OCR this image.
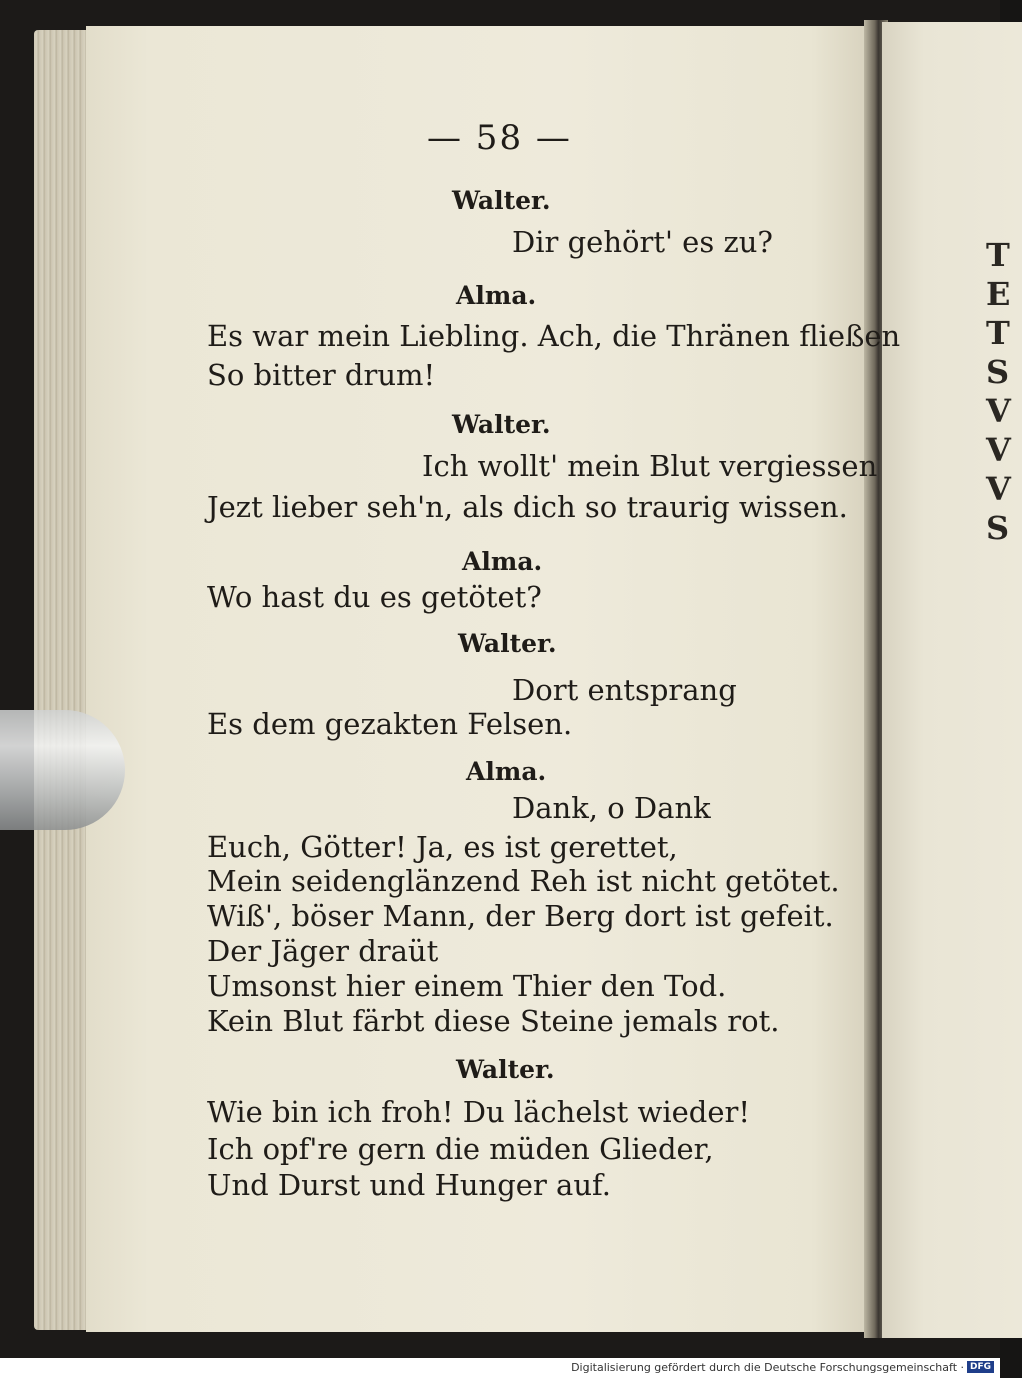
T
E
T
S
V
V
V
S
— 58 —
Walter.
Dir gehört' es zu?
Alma.
Es war mein Liebling. Ach, die Thränen fließen
So bitter drum!
Walter.
Ich wollt' mein Blut vergiessen
Jezt lieber seh'n, als dich so traurig wissen.
Alma.
Wo hast du es getötet?
Walter.
Dort entsprang
Es dem gezakten Felsen.
Alma.
Dank, o Dank
Euch, Götter! Ja, es ist gerettet,
Mein seidenglänzend Reh ist nicht getötet.
Wiß', böser Mann, der Berg dort ist gefeit.
Der Jäger draüt
Umsonst hier einem Thier den Tod.
Kein Blut färbt diese Steine jemals rot.
Walter.
Wie bin ich froh! Du lächelst wieder!
Ich opf're gern die müden Glieder,
Und Durst und Hunger auf.
Digitalisierung gefördert durch die Deutsche Forschungsgemeinschaft · DFG
